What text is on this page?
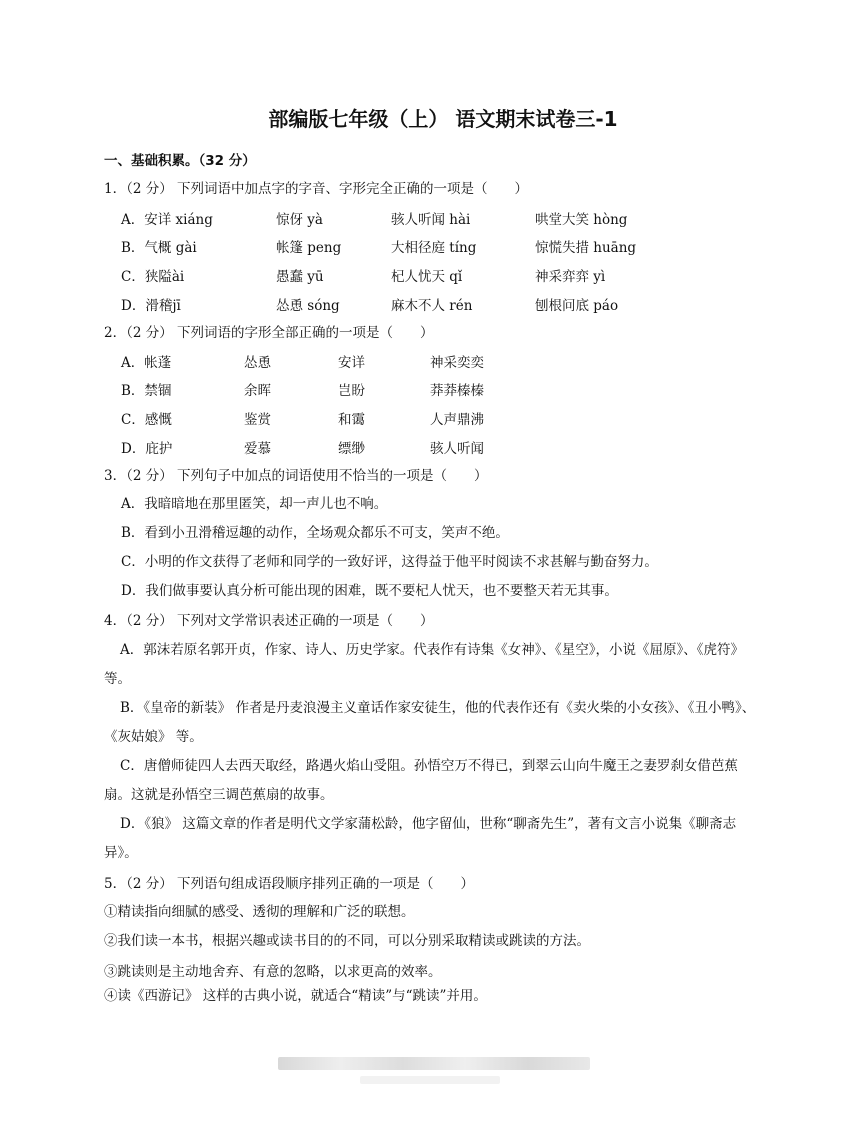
部编版七年级（上） 语文期末试卷三-1
一、基础积累。（32 分）
1．（2 分） 下列词语中加点字的字音、字形完全正确的一项是（　　）
A．安详 xiáng	惊伢 yà	骇人听闻 hài	哄堂大笑 hòng
B．气概 gài	帐篷 peng	大相径庭 tíng	惊慌失措 huāng
C．狭隘ài	愚蠢 yū	杞人忧天 qǐ	神采弈弈 yì
D．滑稽jī	怂恿 sóng	麻木不人 rén	刨根问底 páo
2．（2 分） 下列词语的字形全部正确的一项是（　　）
A．帐蓬	怂恿	安详	神采奕奕
B．禁锢	余晖	岂盼	莽莽榛榛
C．感慨	鉴赏	和霭	人声鼎沸
D．庇护	爱慕	缥缈	骇人听闻
3．（2 分） 下列句子中加点的词语使用不恰当的一项是（　　）
A．我暗暗地在那里匿笑，却一声儿也不响。
B．看到小丑滑稽逗趣的动作，全场观众都乐不可支，笑声不绝。
C．小明的作文获得了老师和同学的一致好评，这得益于他平时阅读不求甚解与勤奋努力。
D．我们做事要认真分析可能出现的困难，既不要杞人忧天，也不要整天若无其事。
4．（2 分） 下列对文学常识表述正确的一项是（　　）
A．郭沫若原名郭开贞，作家、诗人、历史学家。代表作有诗集《女神》、《星空》，小说《屈原》、《虎符》 等。
B．《皇帝的新装》 作者是丹麦浪漫主义童话作家安徒生，他的代表作还有《卖火柴的小女孩》、《丑小鸭》、《灰姑娘》 等。
C．唐僧师徒四人去西天取经，路遇火焰山受阻。孙悟空万不得已，到翠云山向牛魔王之妻罗刹女借芭蕉扇。这就是孙悟空三调芭蕉扇的故事。
D．《狼》 这篇文章的作者是明代文学家蒲松龄，他字留仙，世称“聊斋先生”，著有文言小说集《聊斋志异》。
5．（2 分） 下列语句组成语段顺序排列正确的一项是（　　）
①精读指向细腻的感受、透彻的理解和广泛的联想。
②我们读一本书，根据兴趣或读书目的的不同，可以分别采取精读或跳读的方法。
③跳读则是主动地舍弃、有意的忽略，以求更高的效率。
④读《西游记》 这样的古典小说，就适合“精读”与“跳读”并用。
